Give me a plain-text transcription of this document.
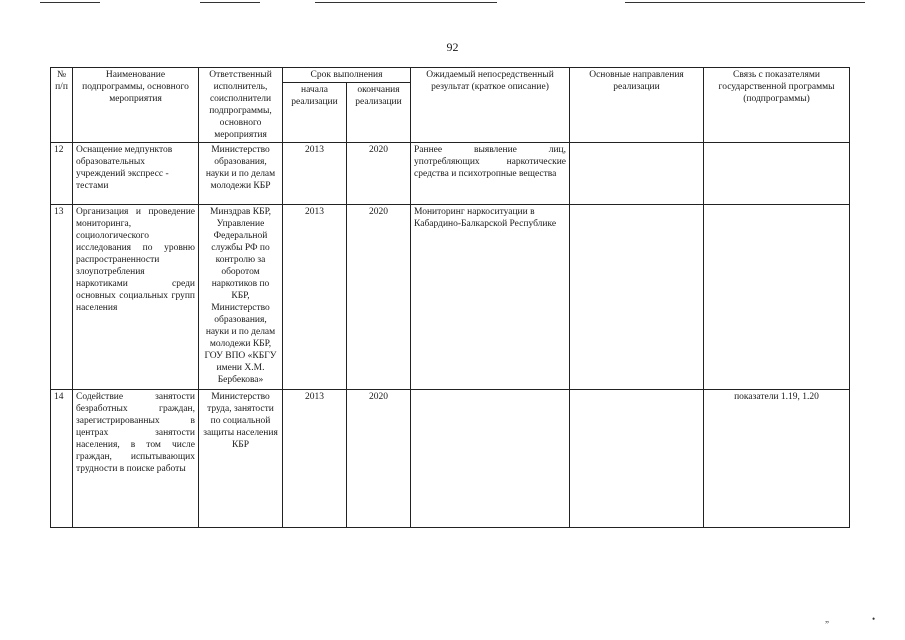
92
№ п/п	Наименование подпрограммы, основного мероприятия	Ответственный исполнитель, соисполнители подпрограммы, основного мероприятия	Срок выполнения		Ожидаемый непосредственный результат (краткое описание)	Основные направления реализации	Связь с показателями государственной программы (подпрограммы)
			начала реализации	окончания реализации			
12	Оснащение медпунктов образовательных учреждений экспресс - тестами	Министерство образования, науки и по делам молодежи КБР	2013	2020	Раннее выявление лиц, употребляющих наркотические средства и психотропные вещества		
13	Организация и проведение мониторинга, социологического исследования по уровню распространенности злоупотребления наркотиками среди основных социальных групп населения	Минздрав КБР, Управление Федеральной службы РФ по контролю за оборотом наркотиков по КБР, Министерство образования, науки и по делам молодежи КБР, ГОУ ВПО «КБГУ имени Х.М. Бербекова»	2013	2020	Мониторинг наркоситуации в Кабардино-Балкарской Республике		
14	Содействие занятости безработных граждан, зарегистрированных в центрах занятости населения, в том числе граждан, испытывающих трудности в поиске работы	Министерство труда, занятости по социальной защиты населения КБР	2013	2020			показатели 1.19, 1.20
„	•
